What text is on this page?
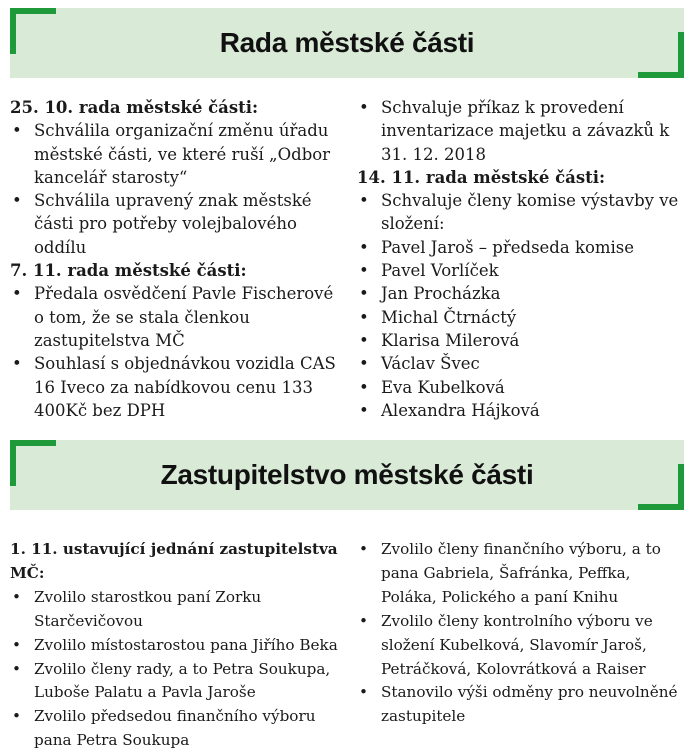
Rada městské části

25. 10. rada městské části:

• Schválila organizační změnu úřadu městské části, ve které ruší „Odbor kancelář starosty“
• Schválila upravený znak městské části pro potřeby volejbalového oddílu

7. 11. rada městské části:

• Předala osvědčení Pavle Fischerové o tom, že se stala členkou zastupitelstva MČ
• Souhlasí s objednávkou vozidla CAS 16 Iveco za nabídkovou cenu 133 400Kč bez DPH
• Schvaluje příkaz k provedení inventarizace majetku a závazků k 31. 12. 2018

14. 11. rada městské části:

• Schvaluje členy komise výstavby ve složení:
• Pavel Jaroš – předseda komise
• Pavel Vorlíček
• Jan Procházka
• Michal Čtrnáctý
• Klarisa Milerová
• Václav Švec
• Eva Kubelková
• Alexandra Hájková
Zastupitelstvo městské části

1. 11. ustavující jednání zastupitelstva MČ:

• Zvolilo starostkou paní Zorku Starčevičovou
• Zvolilo místostarostou pana Jiřího Beka
• Zvolilo členy rady, a to Petra Soukupa, Luboše Palatu a Pavla Jaroše
• Zvolilo předsedou finančního výboru pana Petra Soukupa
• Zvolilo členy finančního výboru, a to pana Gabriela, Šafránka, Peffka, Poláka, Polického a paní Knihu
• Zvolilo členy kontrolního výboru ve složení Kubelková, Slavomír Jaroš, Petráčková, Kolovrátková a Raiser
• Stanovilo výši odměny pro neuvolněné zastupitele
